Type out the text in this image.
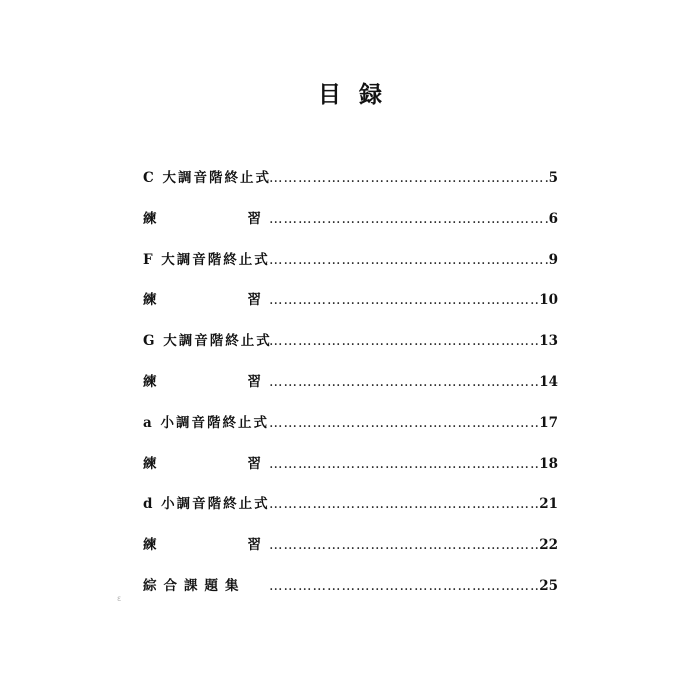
目録
C 大調音階終止式 ……………………………………………………………………………………………………………	5
練	習 ……………………………………………………………………………………………………………	6
F 大調音階終止式 ……………………………………………………………………………………………………………	9
練	習 ……………………………………………………………………………………………………………	10
G 大調音階終止式 ……………………………………………………………………………………………………………	13
練	習 ……………………………………………………………………………………………………………	14
a 小調音階終止式 ……………………………………………………………………………………………………………	17
練	習 ……………………………………………………………………………………………………………	18
d 小調音階終止式 ……………………………………………………………………………………………………………	21
練	習 ……………………………………………………………………………………………………………	22
綜合課題集 ……………………………………………………………………………………………………………	25
ε
